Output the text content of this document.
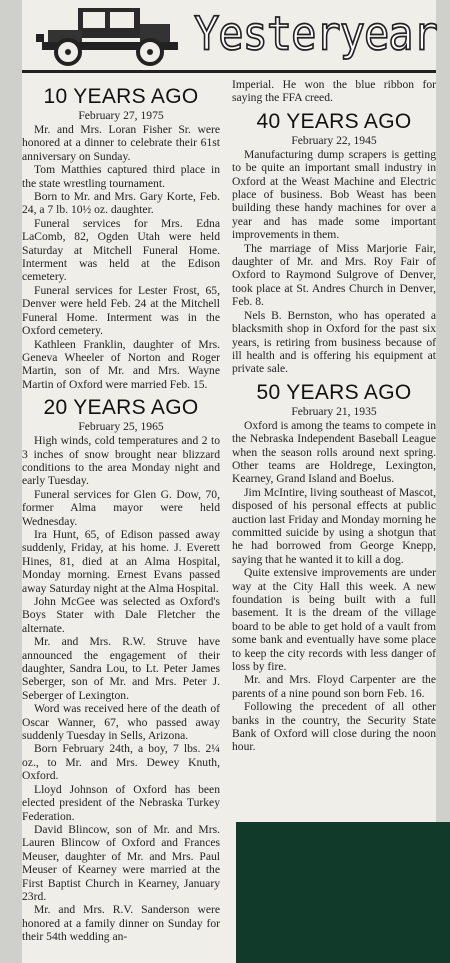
Yesteryear
10 YEARS AGO
February 27, 1975

Mr. and Mrs. Loran Fisher Sr. were honored at a dinner to celebrate their 61st anniversary on Sunday.

Tom Matthies captured third place in the state wrestling tournament.

Born to Mr. and Mrs. Gary Korte, Feb. 24, a 7 lb. 10½ oz. daughter.

Funeral services for Mrs. Edna LaComb, 82, Ogden Utah were held Saturday at Mitchell Funeral Home. Interment was held at the Edison cemetery.

Funeral services for Lester Frost, 65, Denver were held Feb. 24 at the Mitchell Funeral Home. Interment was in the Oxford cemetery.

Kathleen Franklin, daughter of Mrs. Geneva Wheeler of Norton and Roger Martin, son of Mr. and Mrs. Wayne Martin of Oxford were married Feb. 15.

20 YEARS AGO
February 25, 1965

High winds, cold temperatures and 2 to 3 inches of snow brought near blizzard conditions to the area Monday night and early Tuesday.

Funeral services for Glen G. Dow, 70, former Alma mayor were held Wednesday.

Ira Hunt, 65, of Edison passed away suddenly, Friday, at his home. J. Everett Hines, 81, died at an Alma Hospital, Monday morning. Ernest Evans passed away Saturday night at the Alma Hospital.

John McGee was selected as Oxford's Boys Stater with Dale Fletcher the alternate.

Mr. and Mrs. R.W. Struve have announced the engagement of their daughter, Sandra Lou, to Lt. Peter James Seberger, son of Mr. and Mrs. Peter J. Seberger of Lexington.

Word was received here of the death of Oscar Wanner, 67, who passed away suddenly Tuesday in Sells, Arizona.

Born February 24th, a boy, 7 lbs. 2¼ oz., to Mr. and Mrs. Dewey Knuth, Oxford.

Lloyd Johnson of Oxford has been elected president of the Nebraska Turkey Federation.

David Blincow, son of Mr. and Mrs. Lauren Blincow of Oxford and Frances Meuser, daughter of Mr. and Mrs. Paul Meuser of Kearney were married at the First Baptist Church in Kearney, January 23rd.

Mr. and Mrs. R.V. Sanderson were honored at a family dinner on Sunday for their 54th wedding an-

Imperial. He won the blue ribbon for saying the FFA creed.

40 YEARS AGO
February 22, 1945

Manufacturing dump scrapers is getting to be quite an important small industry in Oxford at the Weast Machine and Electric place of business. Bob Weast has been building these handy machines for over a year and has made some important improvements in them.

The marriage of Miss Marjorie Fair, daughter of Mr. and Mrs. Roy Fair of Oxford to Raymond Sulgrove of Denver, took place at St. Andres Church in Denver, Feb. 8.

Nels B. Bernston, who has operated a blacksmith shop in Oxford for the past six years, is retiring from business because of ill health and is offering his equipment at private sale.

50 YEARS AGO
February 21, 1935

Oxford is among the teams to compete in the Nebraska Independent Baseball League when the season rolls around next spring. Other teams are Holdrege, Lexington, Kearney, Grand Island and Boelus.

Jim McIntire, living southeast of Mascot, disposed of his personal effects at public auction last Friday and Monday morning he committed suicide by using a shotgun that he had borrowed from George Knepp, saying that he wanted it to kill a dog.

Quite extensive improvements are under way at the City Hall this week. A new foundation is being built with a full basement. It is the dream of the village board to be able to get hold of a vault from some bank and eventually have some place to keep the city records with less danger of loss by fire.

Mr. and Mrs. Floyd Carpenter are the parents of a nine pound son born Feb. 16.

Following the precedent of all other banks in the country, the Security State Bank of Oxford will close during the noon hour.
